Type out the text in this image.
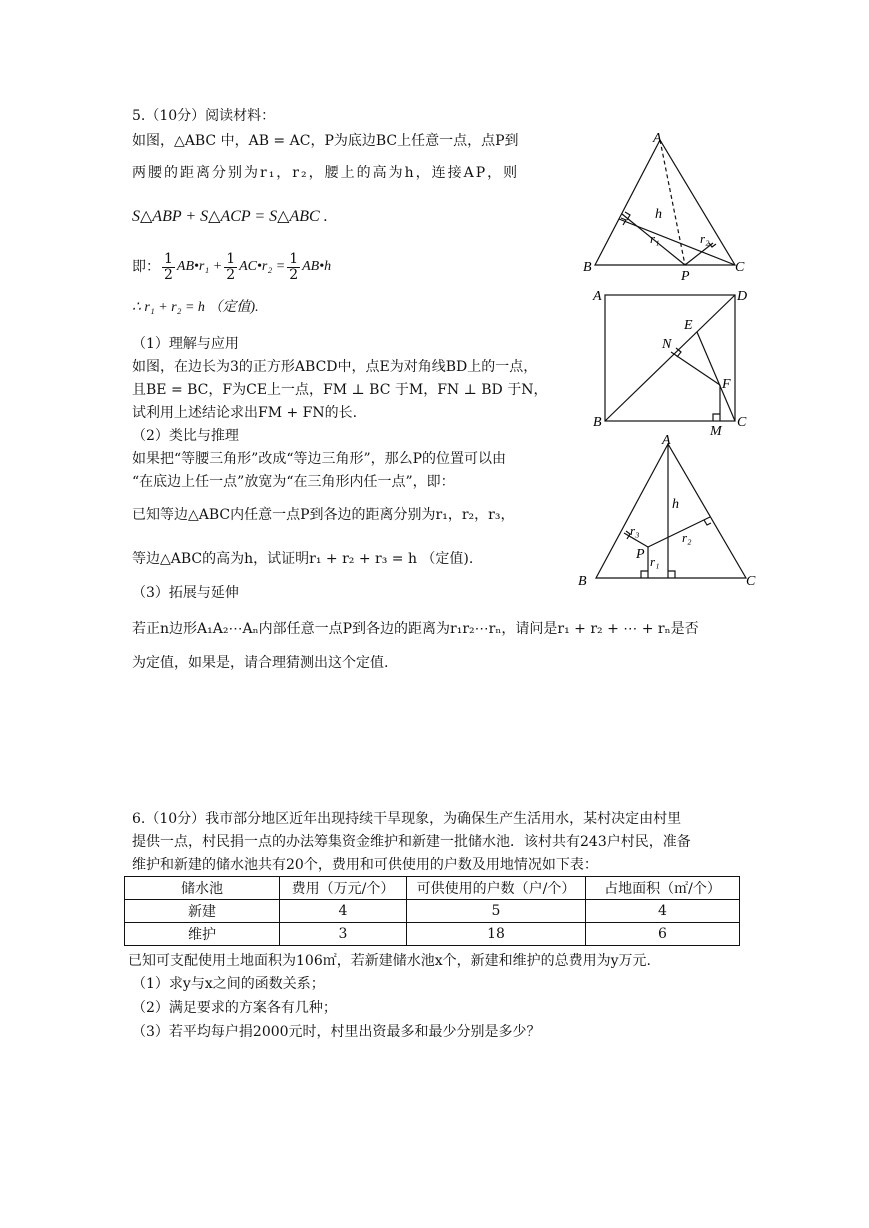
5.（10分）阅读材料：
如图，△ABC 中，AB = AC，P为底边BC上任意一点，点P到
两腰的距离分别为r₁，r₂，腰上的高为h，连接AP，则
S△ABP + S△ACP = S△ABC .
即： $\frac{1}{2}$ AB•r₁ + $\frac{1}{2}$ AC•r₂ = $\frac{1}{2}$ AB•h
∴ r₁ + r₂ = h （定值).
（1）理解与应用
如图，在边长为3的正方形ABCD中，点E为对角线BD上的一点，
且BE = BC，F为CE上一点，FM ⊥ BC 于M，FN ⊥ BD 于N，
试利用上述结论求出FM + FN的长.
（2）类比与推理
如果把“等腰三角形”改成“等边三角形”，那么P的位置可以由
“在底边上任一点”放宽为“在三角形内任一点”，即：
已知等边△ABC内任意一点P到各边的距离分别为r₁，r₂，r₃，
等边△ABC的高为h，试证明r₁ + r₂ + r₃ = h （定值).
（3）拓展与延伸
若正n边形A₁A₂⋯Aₙ内部任意一点P到各边的距离为r₁r₂⋯rₙ，请问是r₁ + r₂ + ⋯ + rₙ是否
为定值，如果是，请合理猜测出这个定值.
A
B	C
P
h
r₁	r₂
A	D
B	C
E
N
F
M
A
B	C
P
h
r₁
r₂
r₃
6.（10分）我市部分地区近年出现持续干旱现象，为确保生产生活用水，某村决定由村里
提供一点，村民捐一点的办法筹集资金维护和新建一批储水池．该村共有243户村民，准备
维护和新建的储水池共有20个，费用和可供使用的户数及用地情况如下表：
储水池	费用（万元/个）	可供使用的户数（户/个）	占地面积（㎡/个）
新建	4	5	4
维护	3	18	6
已知可支配使用土地面积为106㎡，若新建储水池x个，新建和维护的总费用为y万元.
（1）求y与x之间的函数关系；
（2）满足要求的方案各有几种；
（3）若平均每户捐2000元时，村里出资最多和最少分别是多少？
